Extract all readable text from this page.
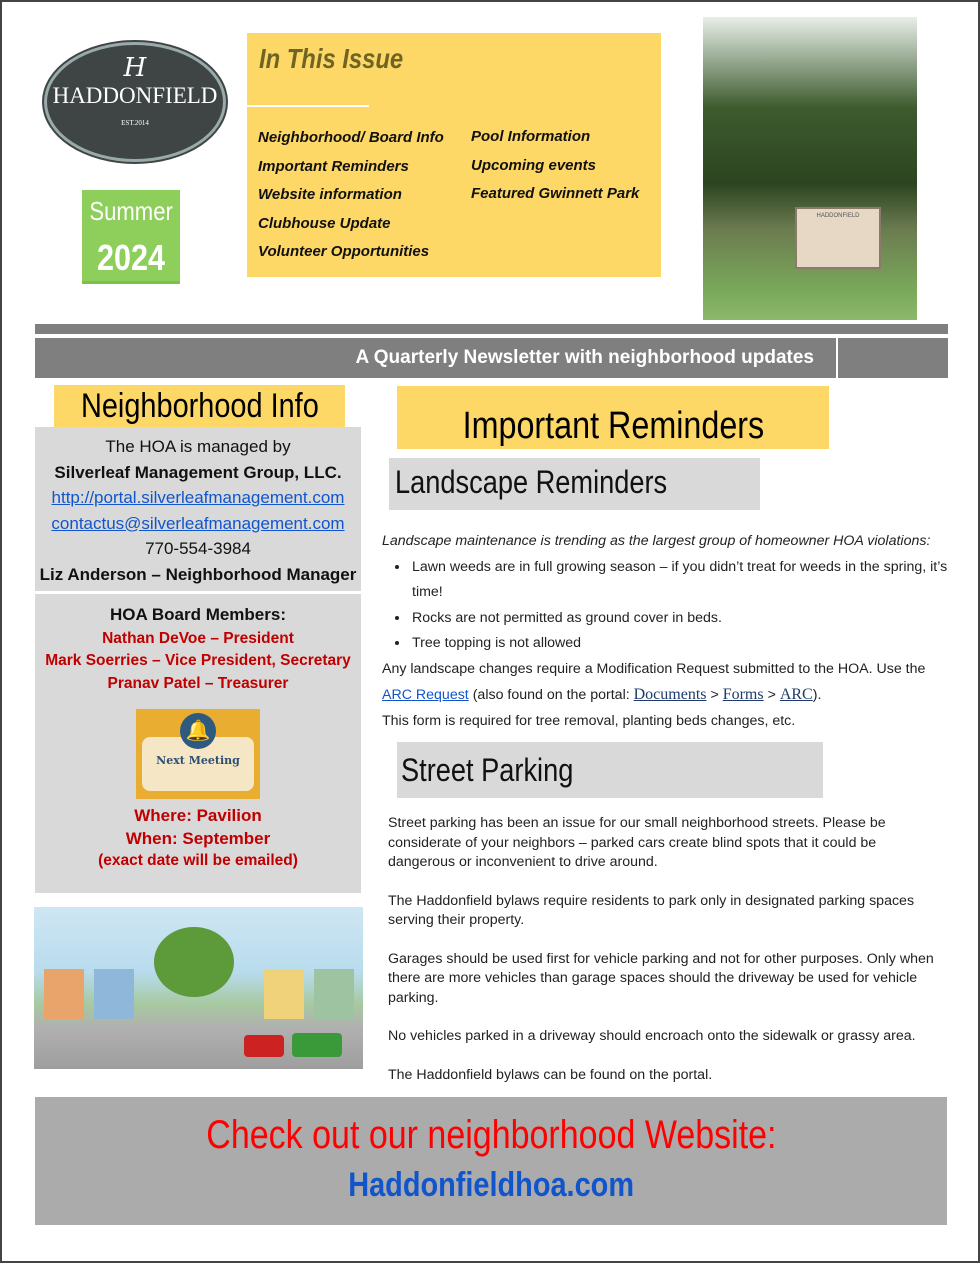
H
HADDONFIELD
EST.2014
Summer
2024
In This Issue
Neighborhood/ Board Info
Important Reminders
Website information
Clubhouse Update
Volunteer Opportunities
Pool Information
Upcoming events
Featured Gwinnett Park
HADDONFIELD
A Quarterly Newsletter with neighborhood updates
Neighborhood Info
The HOA is managed by
Silverleaf Management Group, LLC.
http://portal.silverleafmanagement.com
contactus@silverleafmanagement.com
770-554-3984
Liz Anderson – Neighborhood Manager
HOA Board Members:
Nathan DeVoe – President
Mark Soerries – Vice President, Secretary
Pranav Patel – Treasurer
🔔
Next Meeting
Where: Pavilion
When: September
(exact date will be emailed)
Important Reminders
Landscape Reminders
Landscape maintenance is trending as the largest group of homeowner HOA violations:
• Lawn weeds are in full growing season – if you didn’t treat for weeds in the spring, it’s time!
• Rocks are not permitted as ground cover in beds.
• Tree topping is not allowed
Any landscape changes require a Modification Request submitted to the HOA. Use the
ARC Request (also found on the portal: Documents > Forms > ARC).
This form is required for tree removal, planting beds changes, etc.
Street Parking

Street parking has been an issue for our small neighborhood streets. Please be considerate of your neighbors – parked cars create blind spots that it could be dangerous or inconvenient to drive around.

The Haddonfield bylaws require residents to park only in designated parking spaces serving their property.

Garages should be used first for vehicle parking and not for other purposes. Only when there are more vehicles than garage spaces should the driveway be used for vehicle parking.

No vehicles parked in a driveway should encroach onto the sidewalk or grassy area.

The Haddonfield bylaws can be found on the portal.

Check out our neighborhood Website:
Haddonfieldhoa.com
